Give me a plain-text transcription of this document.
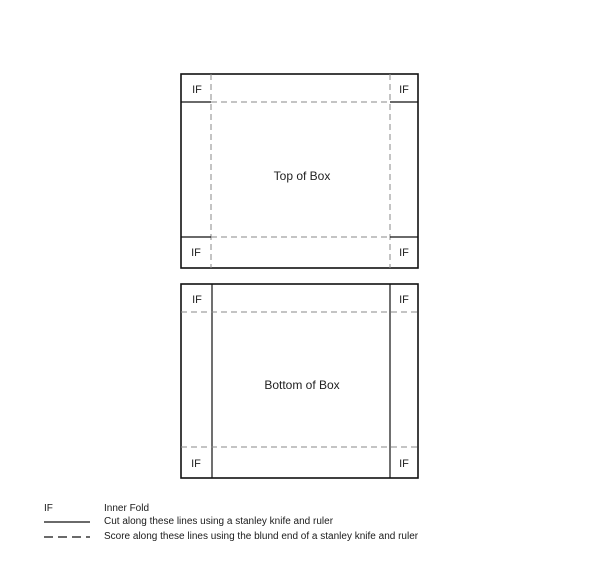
IF	IF
IF	IF
Top of Box
IF	IF
IF	IF
Bottom of Box
IF	Inner Fold
Cut along these lines using a stanley knife and ruler
Score along these lines using the blund end of a stanley knife and ruler
